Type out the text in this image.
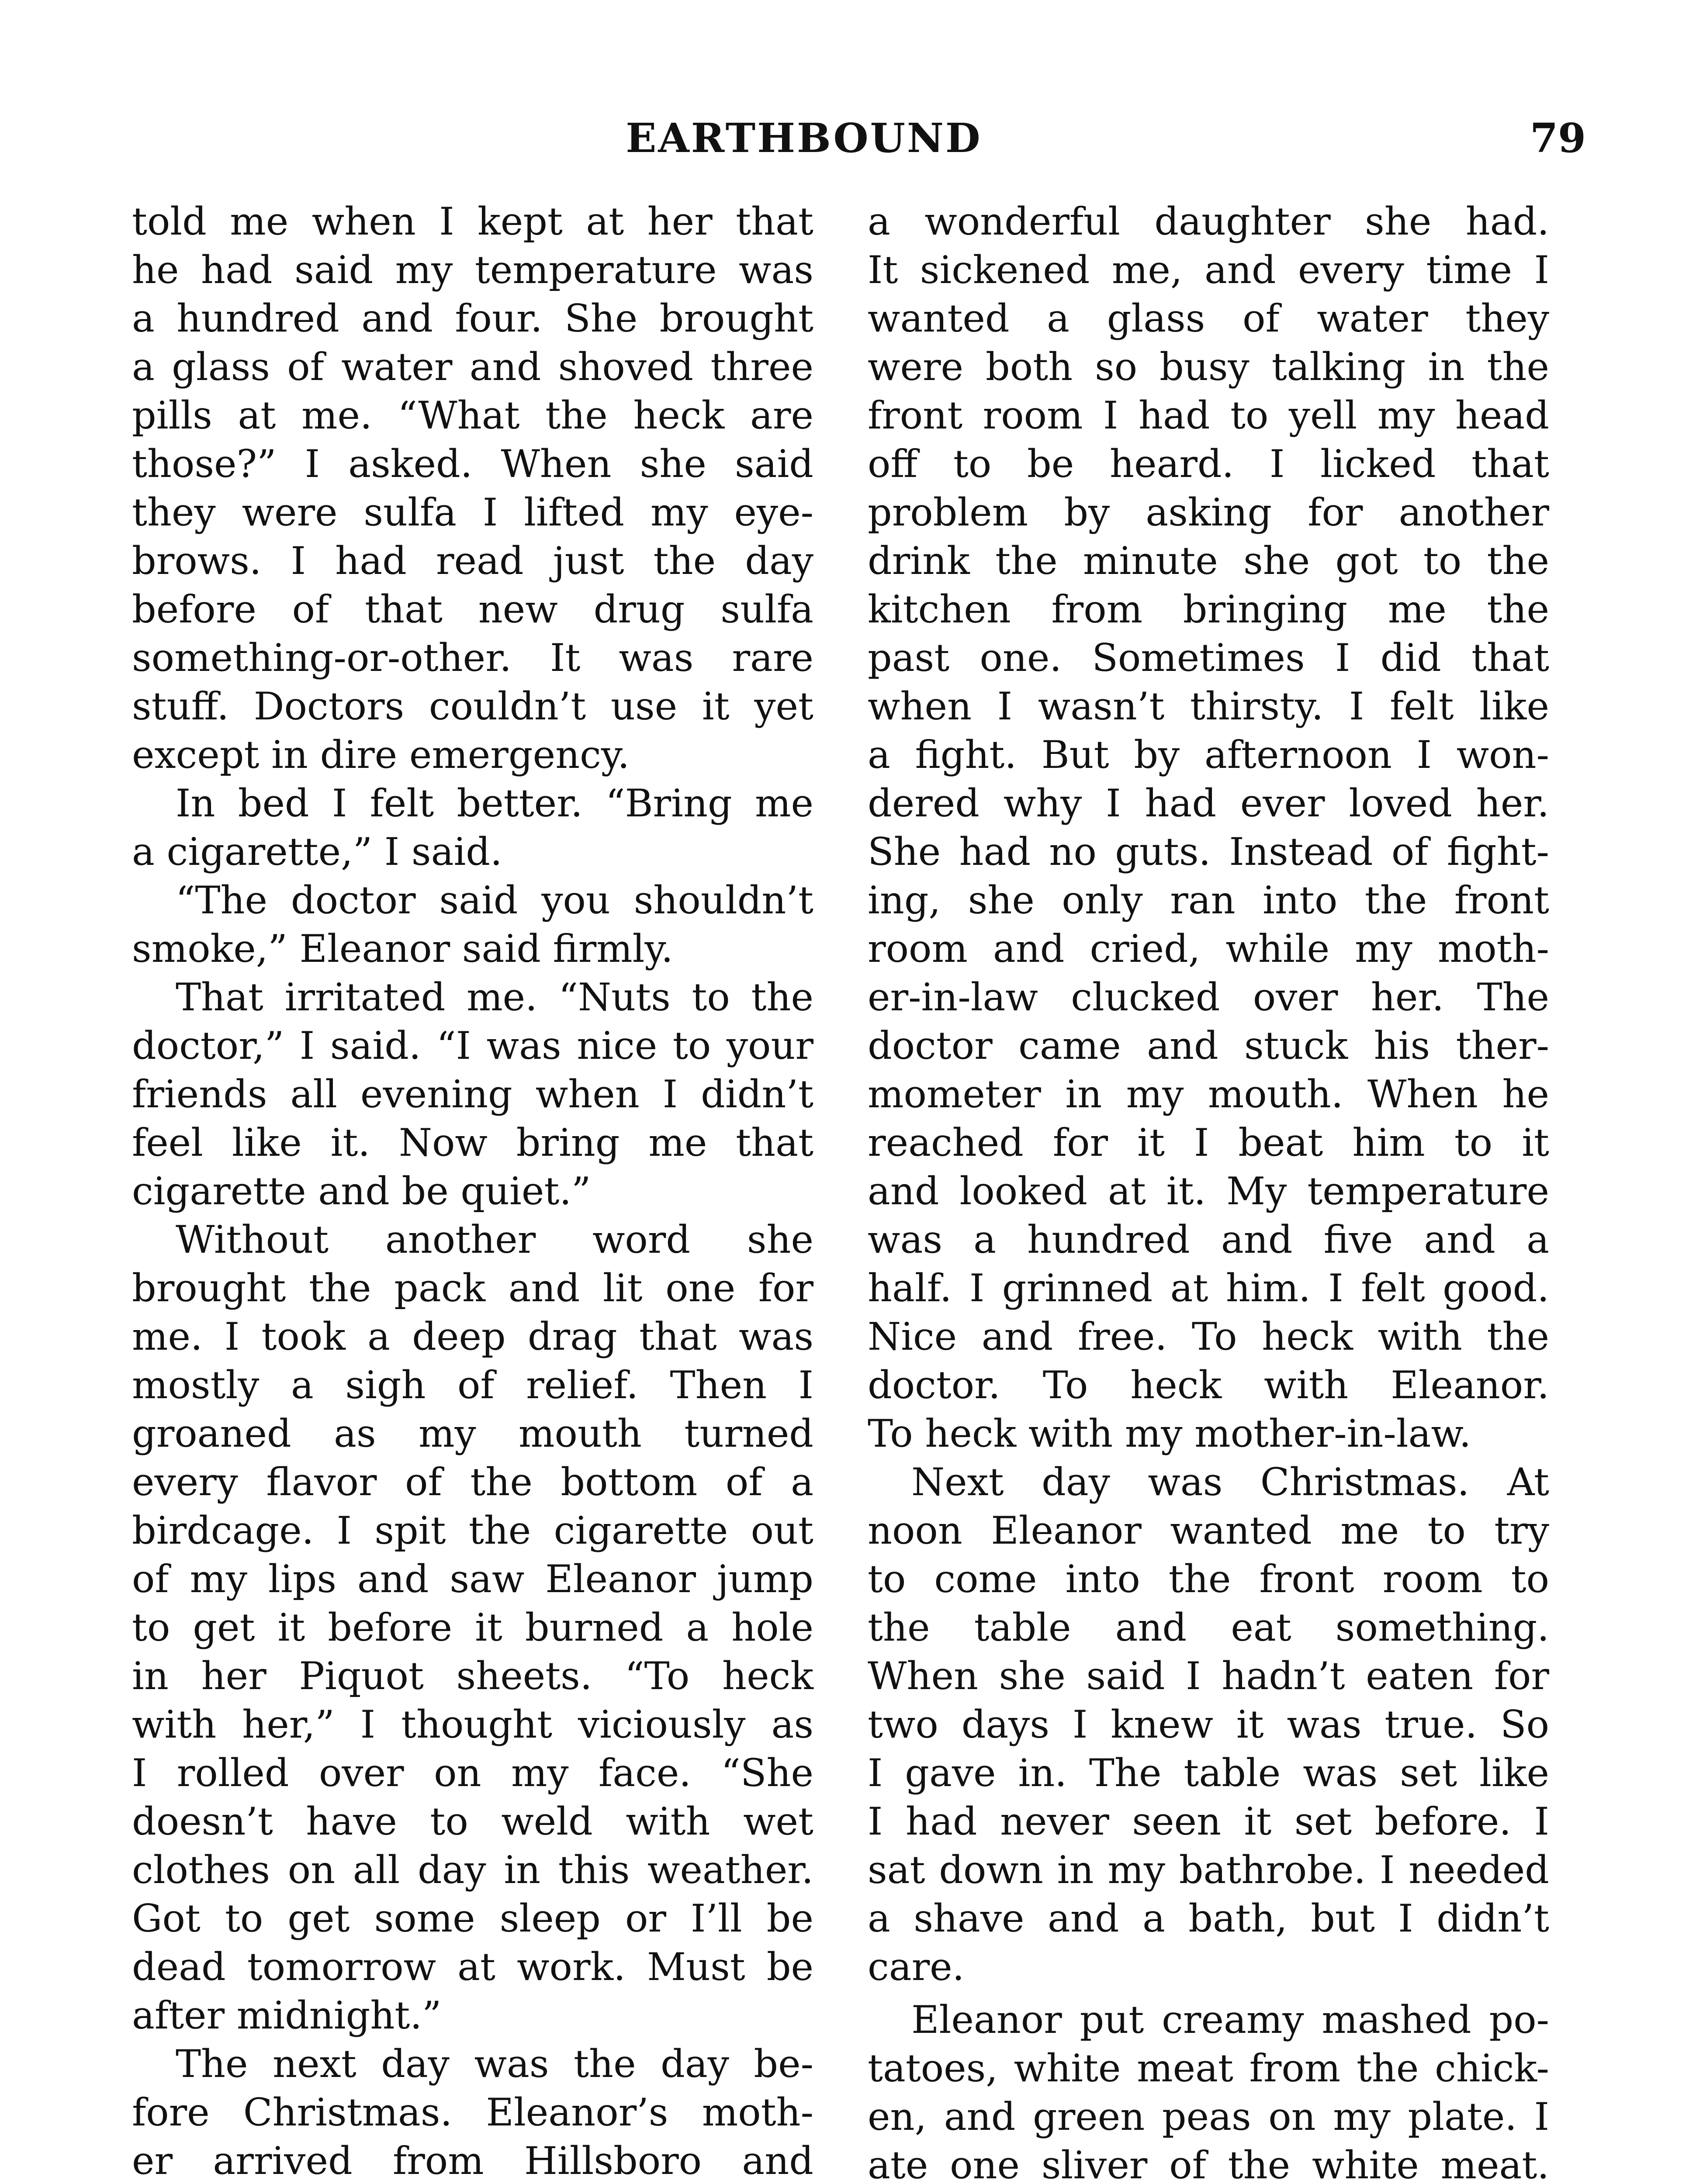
EARTHBOUND	79
told me when I kept at her that
he had said my temperature was
a hundred and four. She brought
a glass of water and shoved three
pills at me. “What the heck are
those?” I asked. When she said
they were sulfa I lifted my eye-
brows. I had read just the day
before of that new drug sulfa
something-or-other. It was rare
stuff. Doctors couldn’t use it yet
except in dire emergency.
In bed I felt better. “Bring me
a cigarette,” I said.
“The doctor said you shouldn’t
smoke,” Eleanor said firmly.
That irritated me. “Nuts to the
doctor,” I said. “I was nice to your
friends all evening when I didn’t
feel like it. Now bring me that
cigarette and be quiet.”
Without another word she
brought the pack and lit one for
me. I took a deep drag that was
mostly a sigh of relief. Then I
groaned as my mouth turned
every flavor of the bottom of a
birdcage. I spit the cigarette out
of my lips and saw Eleanor jump
to get it before it burned a hole
in her Piquot sheets. “To heck
with her,” I thought viciously as
I rolled over on my face. “She
doesn’t have to weld with wet
clothes on all day in this weather.
Got to get some sleep or I’ll be
dead tomorrow at work. Must be
after midnight.”
The next day was the day be-
fore Christmas. Eleanor’s moth-
er arrived from Hillsboro and
a wonderful daughter she had.
It sickened me, and every time I
wanted a glass of water they
were both so busy talking in the
front room I had to yell my head
off to be heard. I licked that
problem by asking for another
drink the minute she got to the
kitchen from bringing me the
past one. Sometimes I did that
when I wasn’t thirsty. I felt like
a fight. But by afternoon I won-
dered why I had ever loved her.
She had no guts. Instead of fight-
ing, she only ran into the front
room and cried, while my moth-
er-in-law clucked over her. The
doctor came and stuck his ther-
mometer in my mouth. When he
reached for it I beat him to it
and looked at it. My temperature
was a hundred and five and a
half. I grinned at him. I felt good.
Nice and free. To heck with the
doctor. To heck with Eleanor.
To heck with my mother-in-law.
Next day was Christmas. At
noon Eleanor wanted me to try
to come into the front room to
the table and eat something.
When she said I hadn’t eaten for
two days I knew it was true. So
I gave in. The table was set like
I had never seen it set before. I
sat down in my bathrobe. I needed
a shave and a bath, but I didn’t
care.
Eleanor put creamy mashed po-
tatoes, white meat from the chick-
en, and green peas on my plate. I
ate one sliver of the white meat.
